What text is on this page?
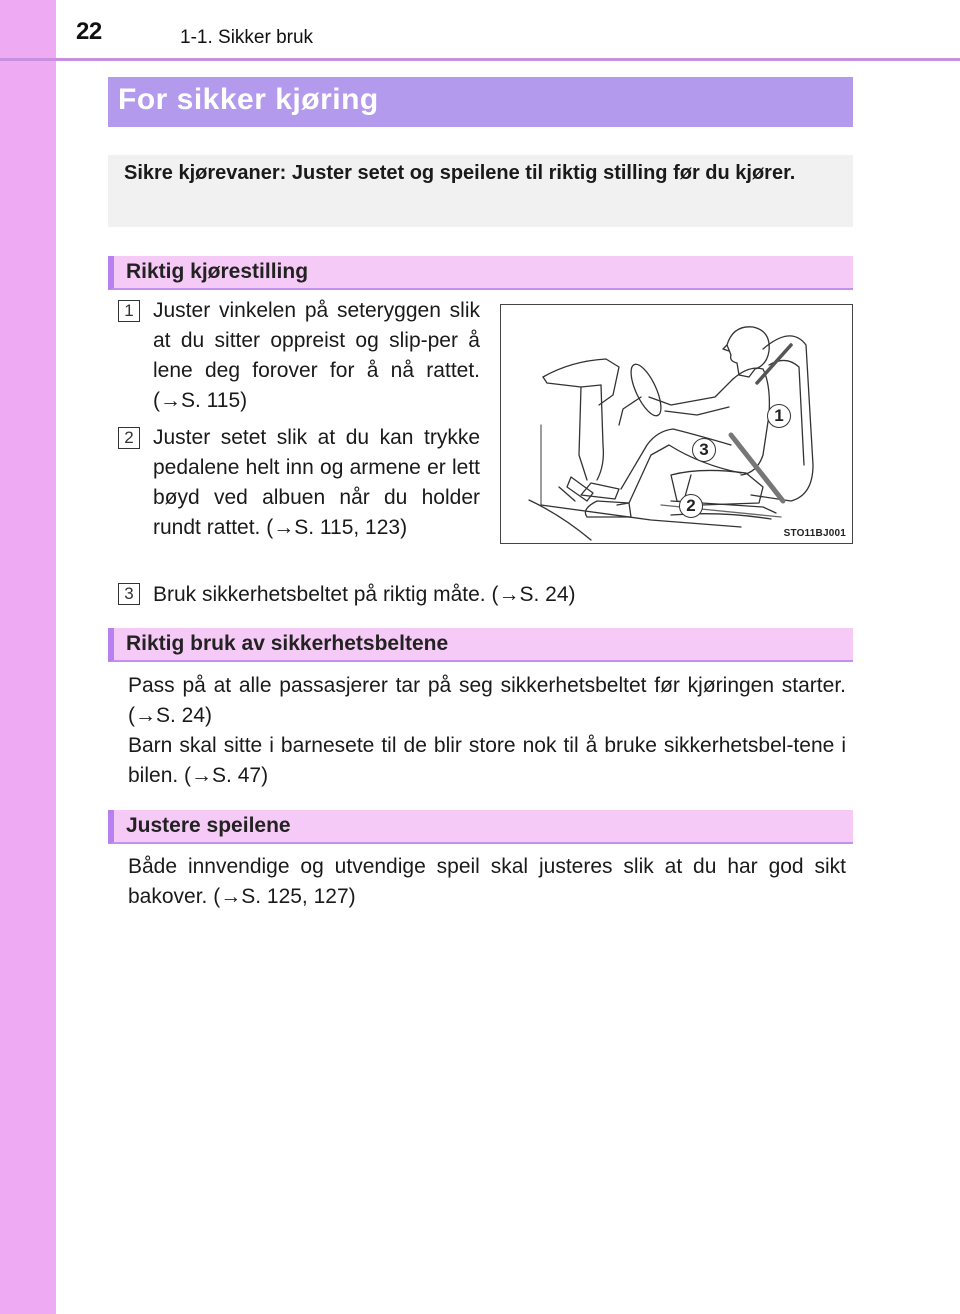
22	1-1. Sikker bruk
For sikker kjøring

Sikre kjørevaner: Juster setet og speilene til riktig stilling før du kjører.

Riktig kjørestilling
1 Juster vinkelen på seteryggen slik at du sitter oppreist og slip-per å lene deg forover for å nå rattet. (→S. 115)

2 Juster setet slik at du kan trykke pedalene helt inn og armene er lett bøyd ved albuen når du holder rundt rattet. (→S. 115, 123)

3 Bruk sikkerhetsbeltet på riktig måte. (→S. 24)

1
2
3
STO11BJ001
Riktig bruk av sikkerhetsbeltene

Pass på at alle passasjerer tar på seg sikkerhetsbeltet før kjøringen starter. (→S. 24)

Barn skal sitte i barnesete til de blir store nok til å bruke sikkerhetsbel-tene i bilen. (→S. 47)

Justere speilene

Både innvendige og utvendige speil skal justeres slik at du har god sikt bakover. (→S. 125, 127)
